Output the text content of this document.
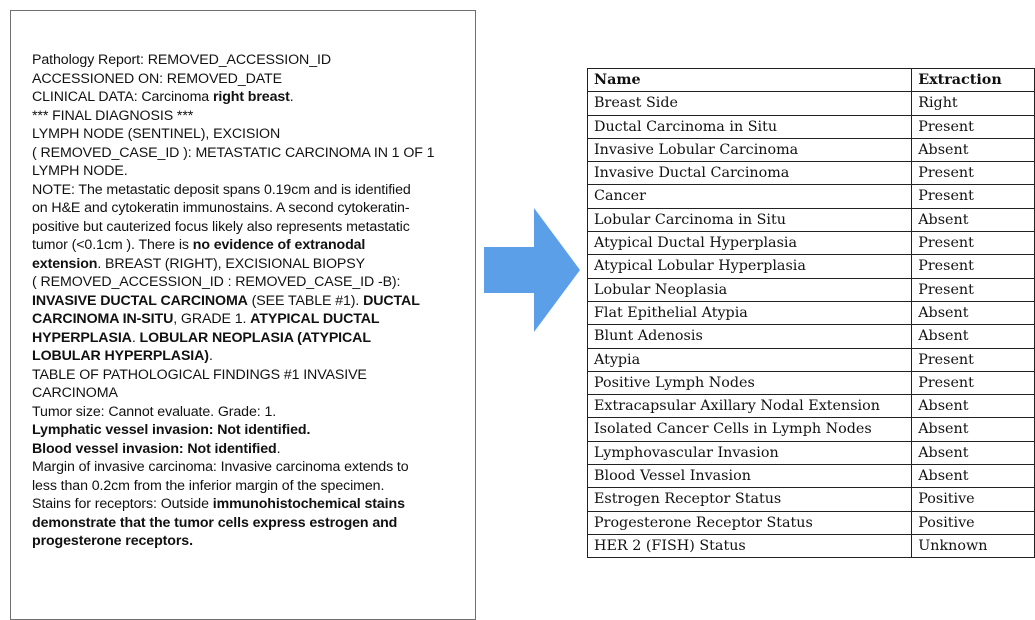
Pathology Report: REMOVED_ACCESSION_ID
ACCESSIONED ON: REMOVED_DATE
CLINICAL DATA: Carcinoma right breast.
*** FINAL DIAGNOSIS ***
LYMPH NODE (SENTINEL), EXCISION
( REMOVED_CASE_ID ): METASTATIC CARCINOMA IN 1 OF 1
LYMPH NODE.
NOTE: The metastatic deposit spans 0.19cm and is identified
on H&E and cytokeratin immunostains. A second cytokeratin-
positive but cauterized focus likely also represents metastatic
tumor (<0.1cm ). There is no evidence of extranodal
extension. BREAST (RIGHT), EXCISIONAL BIOPSY
( REMOVED_ACCESSION_ID : REMOVED_CASE_ID -B):
INVASIVE DUCTAL CARCINOMA (SEE TABLE #1). DUCTAL
CARCINOMA IN-SITU, GRADE 1. ATYPICAL DUCTAL
HYPERPLASIA. LOBULAR NEOPLASIA (ATYPICAL
LOBULAR HYPERPLASIA).
TABLE OF PATHOLOGICAL FINDINGS #1 INVASIVE
CARCINOMA
Tumor size: Cannot evaluate. Grade: 1.
Lymphatic vessel invasion: Not identified.
Blood vessel invasion: Not identified.
Margin of invasive carcinoma: Invasive carcinoma extends to
less than 0.2cm from the inferior margin of the specimen.
Stains for receptors: Outside immunohistochemical stains
demonstrate that the tumor cells express estrogen and
progesterone receptors.
Name	Extraction
Breast Side	Right
Ductal Carcinoma in Situ	Present
Invasive Lobular Carcinoma	Absent
Invasive Ductal Carcinoma	Present
Cancer	Present
Lobular Carcinoma in Situ	Absent
Atypical Ductal Hyperplasia	Present
Atypical Lobular Hyperplasia	Present
Lobular Neoplasia	Present
Flat Epithelial Atypia	Absent
Blunt Adenosis	Absent
Atypia	Present
Positive Lymph Nodes	Present
Extracapsular Axillary Nodal Extension	Absent
Isolated Cancer Cells in Lymph Nodes	Absent
Lymphovascular Invasion	Absent
Blood Vessel Invasion	Absent
Estrogen Receptor Status	Positive
Progesterone Receptor Status	Positive
HER 2 (FISH) Status	Unknown
